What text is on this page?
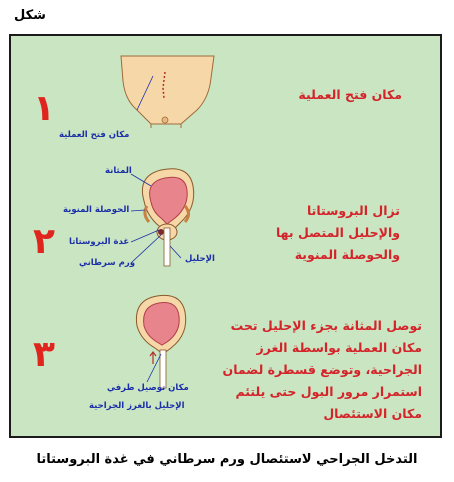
شكل
١
٢
٣
مكان فتح العملية
تزال البروستاتا والإحليل المتصل بها والحوصلة المنوية
توصل المثانة بجزء الإحليل تحت مكان العملية بواسطة الغرز الجراحية، وتوضع قسطرة لضمان استمرار مرور البول حتى يلتئم مكان الاستئصال
مكان فتح العملية
المثانة
الحوصلة المنوية
غدة البروستاتا
ورم سرطاني	الإحليل
مكان توصيل طرفي
الإحليل بالغرز الجراحية
التدخل الجراحي لاستئصال ورم سرطاني في غدة البروستاتا
